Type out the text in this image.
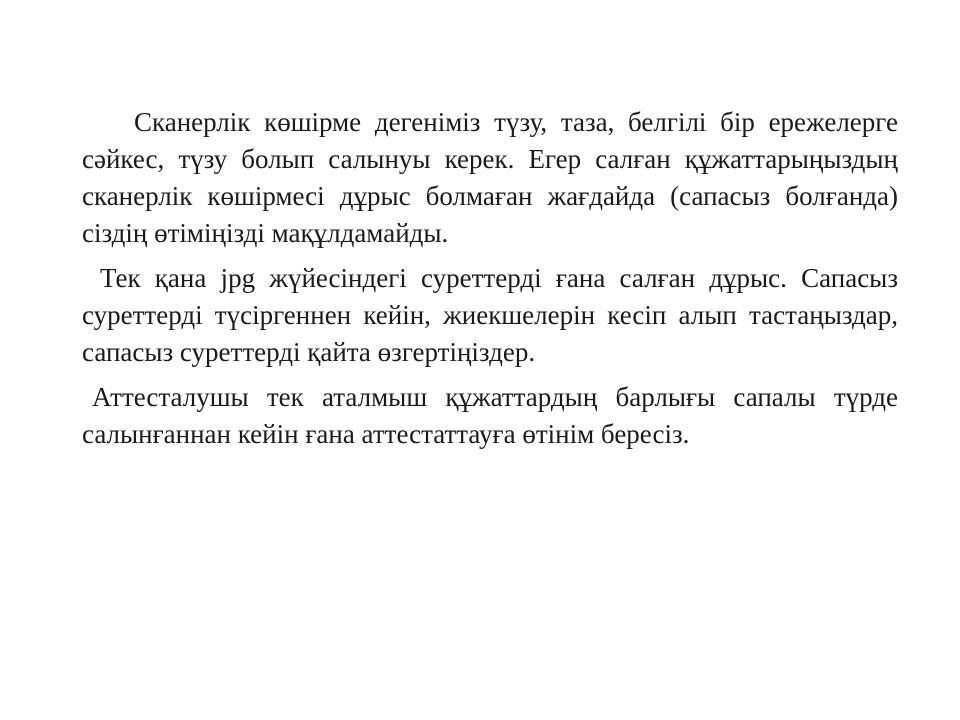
Сканерлік көшірме дегеніміз түзу, таза, белгілі бір ережелерге сәйкес, түзу болып салынуы керек. Егер салған құжаттарыңыздың сканерлік көшірмесі дұрыс болмаған жағдайда (сапасыз болғанда) сіздің өтіміңізді мақұлдамайды.

Тек қана jpg жүйесіндегі суреттерді ғана салған дұрыс. Сапасыз суреттерді түсіргеннен кейін, жиекшелерін кесіп алып тастаңыздар, сапасыз суреттерді қайта өзгертіңіздер.

Аттесталушы тек аталмыш құжаттардың барлығы сапалы түрде салынғаннан кейін ғана аттестаттауға өтінім бересіз.
